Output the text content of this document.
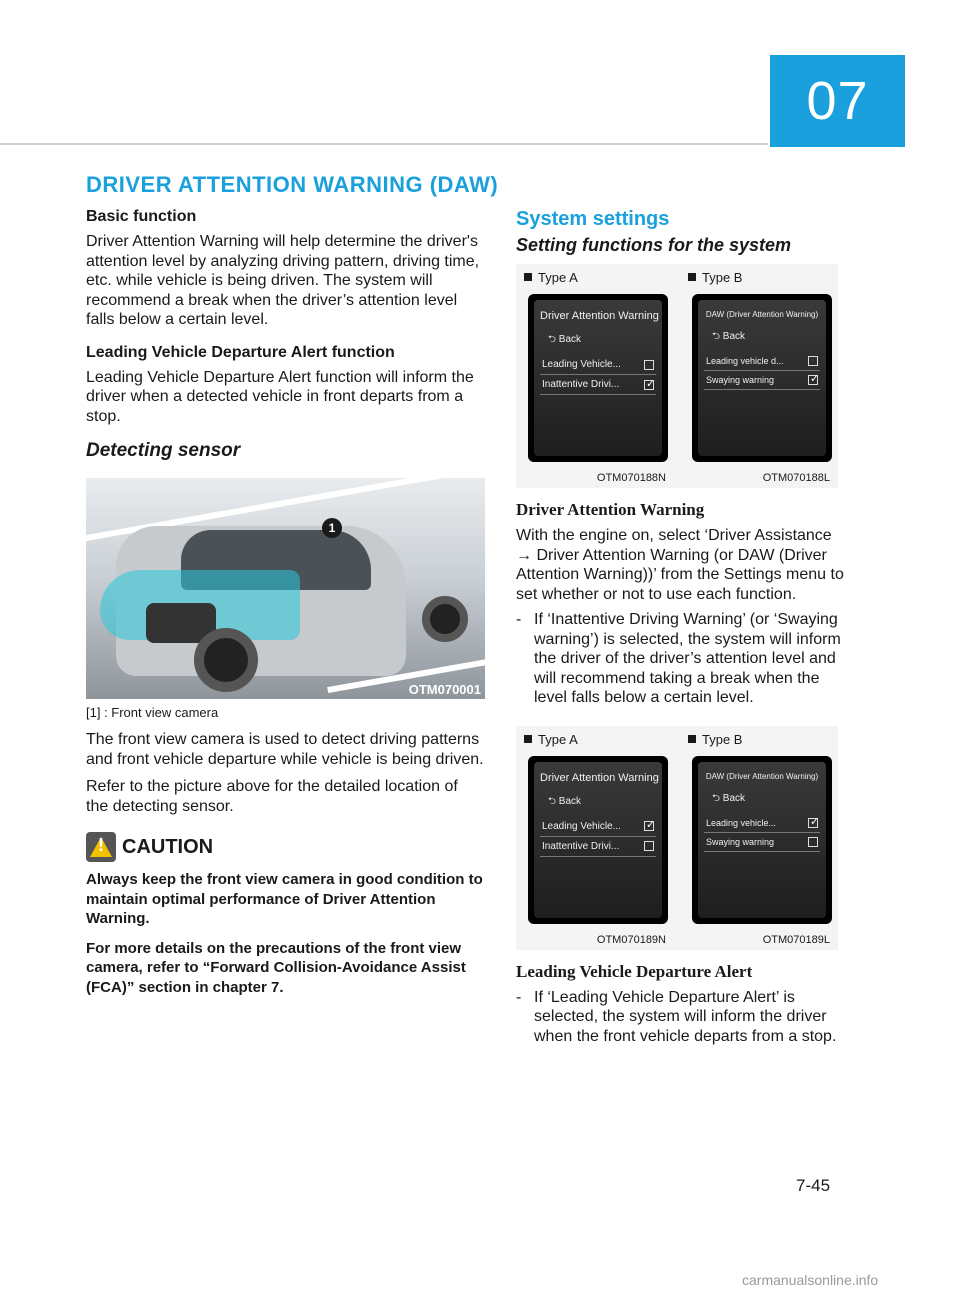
07
DRIVER ATTENTION WARNING (DAW)
Basic function

Driver Attention Warning will help determine the driver's attention level by analyzing driving pattern, driving time, etc. while vehicle is being driven. The system will recommend a break when the driver’s attention level falls below a certain level.

Leading Vehicle Departure Alert function

Leading Vehicle Departure Alert function will inform the driver when a detected vehicle in front departs from a stop.

Detecting sensor
1
OTM070001

[1] : Front view camera

The front view camera is used to detect driving patterns and front vehicle departure while vehicle is being driven.

Refer to the picture above for the detailed location of the detecting sensor.

!
CAUTION

Always keep the front view camera in good condition to maintain optimal performance of Driver Attention Warning.

For more details on the precautions of the front view camera, refer to “Forward Collision-Avoidance Assist (FCA)” section in chapter 7.

System settings
Setting functions for the system
Type A
Driver Attention Warning
⮌ Back
Leading Vehicle...
Inattentive Drivi...
✓
OTM070188N
Type B
DAW (Driver Attention Warning)
⮌ Back
Leading vehicle d...
Swaying warning
✓
OTM070188L
Driver Attention Warning

With the engine on, select ‘Driver Assistance → Driver Attention Warning (or DAW (Driver Attention Warning))’ from the Settings menu to set whether or not to use each function.

- If ‘Inattentive Driving Warning’ (or ‘Swaying warning’) is selected, the system will inform the driver of the driver’s attention level and will recommend taking a break when the level falls below a certain level.
Type A
Driver Attention Warning
⮌ Back
Leading Vehicle...
✓
Inattentive Drivi...
OTM070189N
Type B
DAW (Driver Attention Warning)
⮌ Back
Leading vehicle...
✓
Swaying warning
OTM070189L
Leading Vehicle Departure Alert
- If ‘Leading Vehicle Departure Alert’ is selected, the system will inform the driver when the front vehicle departs from a stop.
7-45
carmanualsonline.info
